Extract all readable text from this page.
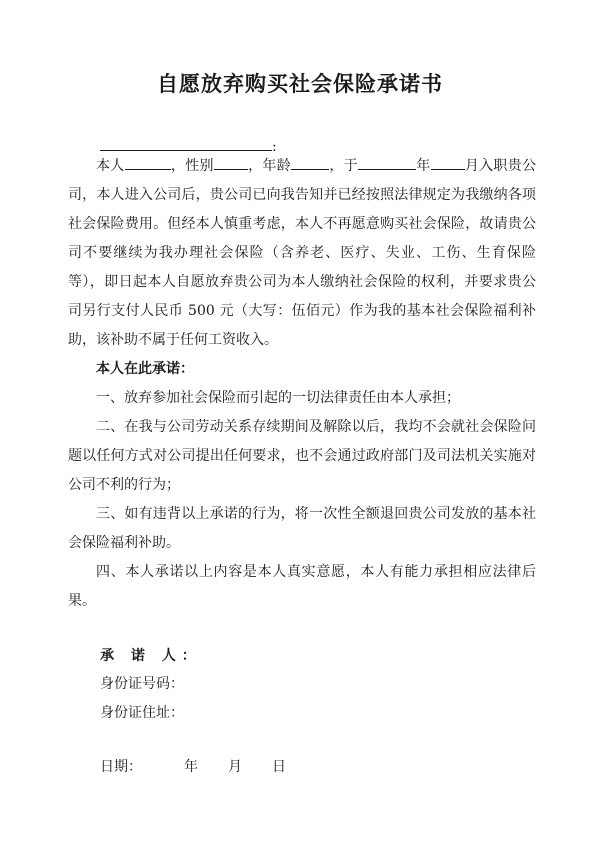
自愿放弃购买社会保险承诺书
:

本人	，性别 ，年龄	，于	年 月入职贵公司，本人进入公司后，贵公司已向我告知并已经按照法律规定为我缴纳各项社会保险费用。但经本人慎重考虑，本人不再愿意购买社会保险，故请贵公司不要继续为我办理社会保险（含养老、医疗、失业、工伤、生育保险等），即日起本人自愿放弃贵公司为本人缴纳社会保险的权利，并要求贵公司另行支付人民币 500 元（大写：伍佰元）作为我的基本社会保险福利补助，该补助不属于任何工资收入。

本人在此承诺：

一、放弃参加社会保险而引起的一切法律责任由本人承担；

二、在我与公司劳动关系存续期间及解除以后，我均不会就社会保险问题以任何方式对公司提出任何要求，也不会通过政府部门及司法机关实施对公司不利的行为；

三、如有违背以上承诺的行为，将一次性全额退回贵公司发放的基本社会保险福利补助。

四、本人承诺以上内容是本人真实意愿，本人有能力承担相应法律后果。

承 诺 人：
身份证号码：
身份证住址：
日期：	年 月 日
